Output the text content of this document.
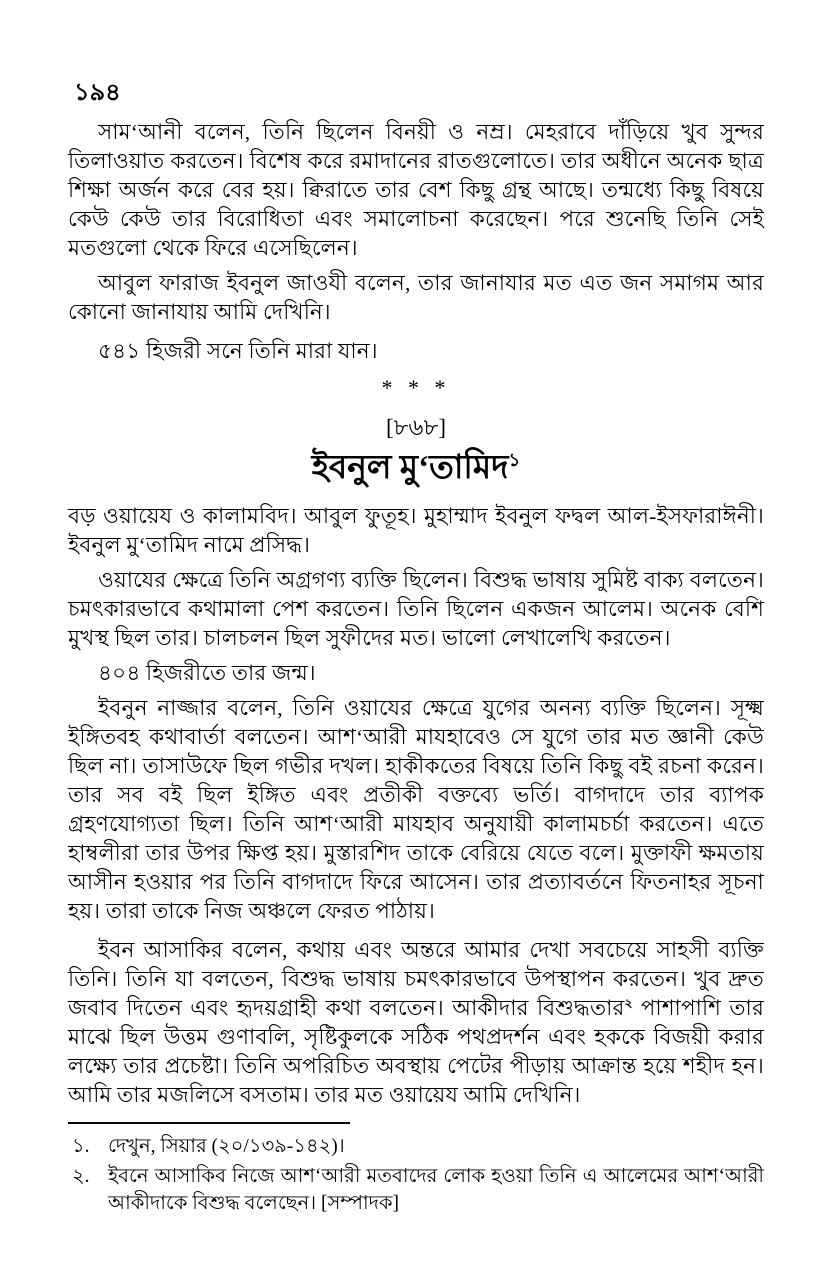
১৯৪

সাম‘আনী বলেন, তিনি ছিলেন বিনয়ী ও নম্র। মেহরাবে দাঁড়িয়ে খুব সুন্দর তিলাওয়াত করতেন। বিশেষ করে রমাদানের রাতগুলোতে। তার অধীনে অনেক ছাত্র শিক্ষা অর্জন করে বের হয়। ক্বিরাতে তার বেশ কিছু গ্রন্থ আছে। তন্মধ্যে কিছু বিষয়ে কেউ কেউ তার বিরোধিতা এবং সমালোচনা করেছেন। পরে শুনেছি তিনি সেই মতগুলো থেকে ফিরে এসেছিলেন।

আবুল ফারাজ ইবনুল জাওযী বলেন, তার জানাযার মত এত জন সমাগম আর কোনো জানাযায় আমি দেখিনি।

৫৪১ হিজরী সনে তিনি মারা যান।

* * *
[৮৬৮]
ইবনুল মু‘তামিদ$^১$

বড় ওয়ায়েয ও কালামবিদ। আবুল ফুতূহ। মুহাম্মাদ ইবনুল ফদ্বল আল-ইসফারাঈনী। ইবনুল মু‘তামিদ নামে প্রসিদ্ধ।

ওয়াযের ক্ষেত্রে তিনি অগ্রগণ্য ব্যক্তি ছিলেন। বিশুদ্ধ ভাষায় সুমিষ্ট বাক্য বলতেন। চমৎকারভাবে কথামালা পেশ করতেন। তিনি ছিলেন একজন আলেম। অনেক বেশি মুখস্থ ছিল তার। চালচলন ছিল সুফীদের মত। ভালো লেখালেখি করতেন।

৪০৪ হিজরীতে তার জন্ম।

ইবনুন নাজ্জার বলেন, তিনি ওয়াযের ক্ষেত্রে যুগের অনন্য ব্যক্তি ছিলেন। সূক্ষ্ম ইঙ্গিতবহ কথাবার্তা বলতেন। আশ‘আরী মাযহাবেও সে যুগে তার মত জ্ঞানী কেউ ছিল না। তাসাউফে ছিল গভীর দখল। হাকীকতের বিষয়ে তিনি কিছু বই রচনা করেন। তার সব বই ছিল ইঙ্গিত এবং প্রতীকী বক্তব্যে ভর্তি। বাগদাদে তার ব্যাপক গ্রহণযোগ্যতা ছিল। তিনি আশ‘আরী মাযহাব অনুযায়ী কালামচর্চা করতেন। এতে হাম্বলীরা তার উপর ক্ষিপ্ত হয়। মুস্তারশিদ তাকে বেরিয়ে যেতে বলে। মুক্তাফী ক্ষমতায় আসীন হওয়ার পর তিনি বাগদাদে ফিরে আসেন। তার প্রত্যাবর্তনে ফিতনাহর সূচনা হয়। তারা তাকে নিজ অঞ্চলে ফেরত পাঠায়।

ইবন আসাকির বলেন, কথায় এবং অন্তরে আমার দেখা সবচেয়ে সাহসী ব্যক্তি তিনি। তিনি যা বলতেন, বিশুদ্ধ ভাষায় চমৎকারভাবে উপস্থাপন করতেন। খুব দ্রুত জবাব দিতেন এবং হৃদয়গ্রাহী কথা বলতেন। আকীদার বিশুদ্ধতার$^২$ পাশাপাশি তার মাঝে ছিল উত্তম গুণাবলি, সৃষ্টিকুলকে সঠিক পথপ্রদর্শন এবং হককে বিজয়ী করার লক্ষ্যে তার প্রচেষ্টা। তিনি অপরিচিত অবস্থায় পেটের পীড়ায় আক্রান্ত হয়ে শহীদ হন। আমি তার মজলিসে বসতাম। তার মত ওয়ায়েয আমি দেখিনি।

১. দেখুন, সিয়ার (২০/১৩৯-১৪২)।
২. ইবনে আসাকিব নিজে আশ‘আরী মতবাদের লোক হওয়া তিনি এ আলেমের আশ‘আরী আকীদাকে বিশুদ্ধ বলেছেন। [সম্পাদক]
